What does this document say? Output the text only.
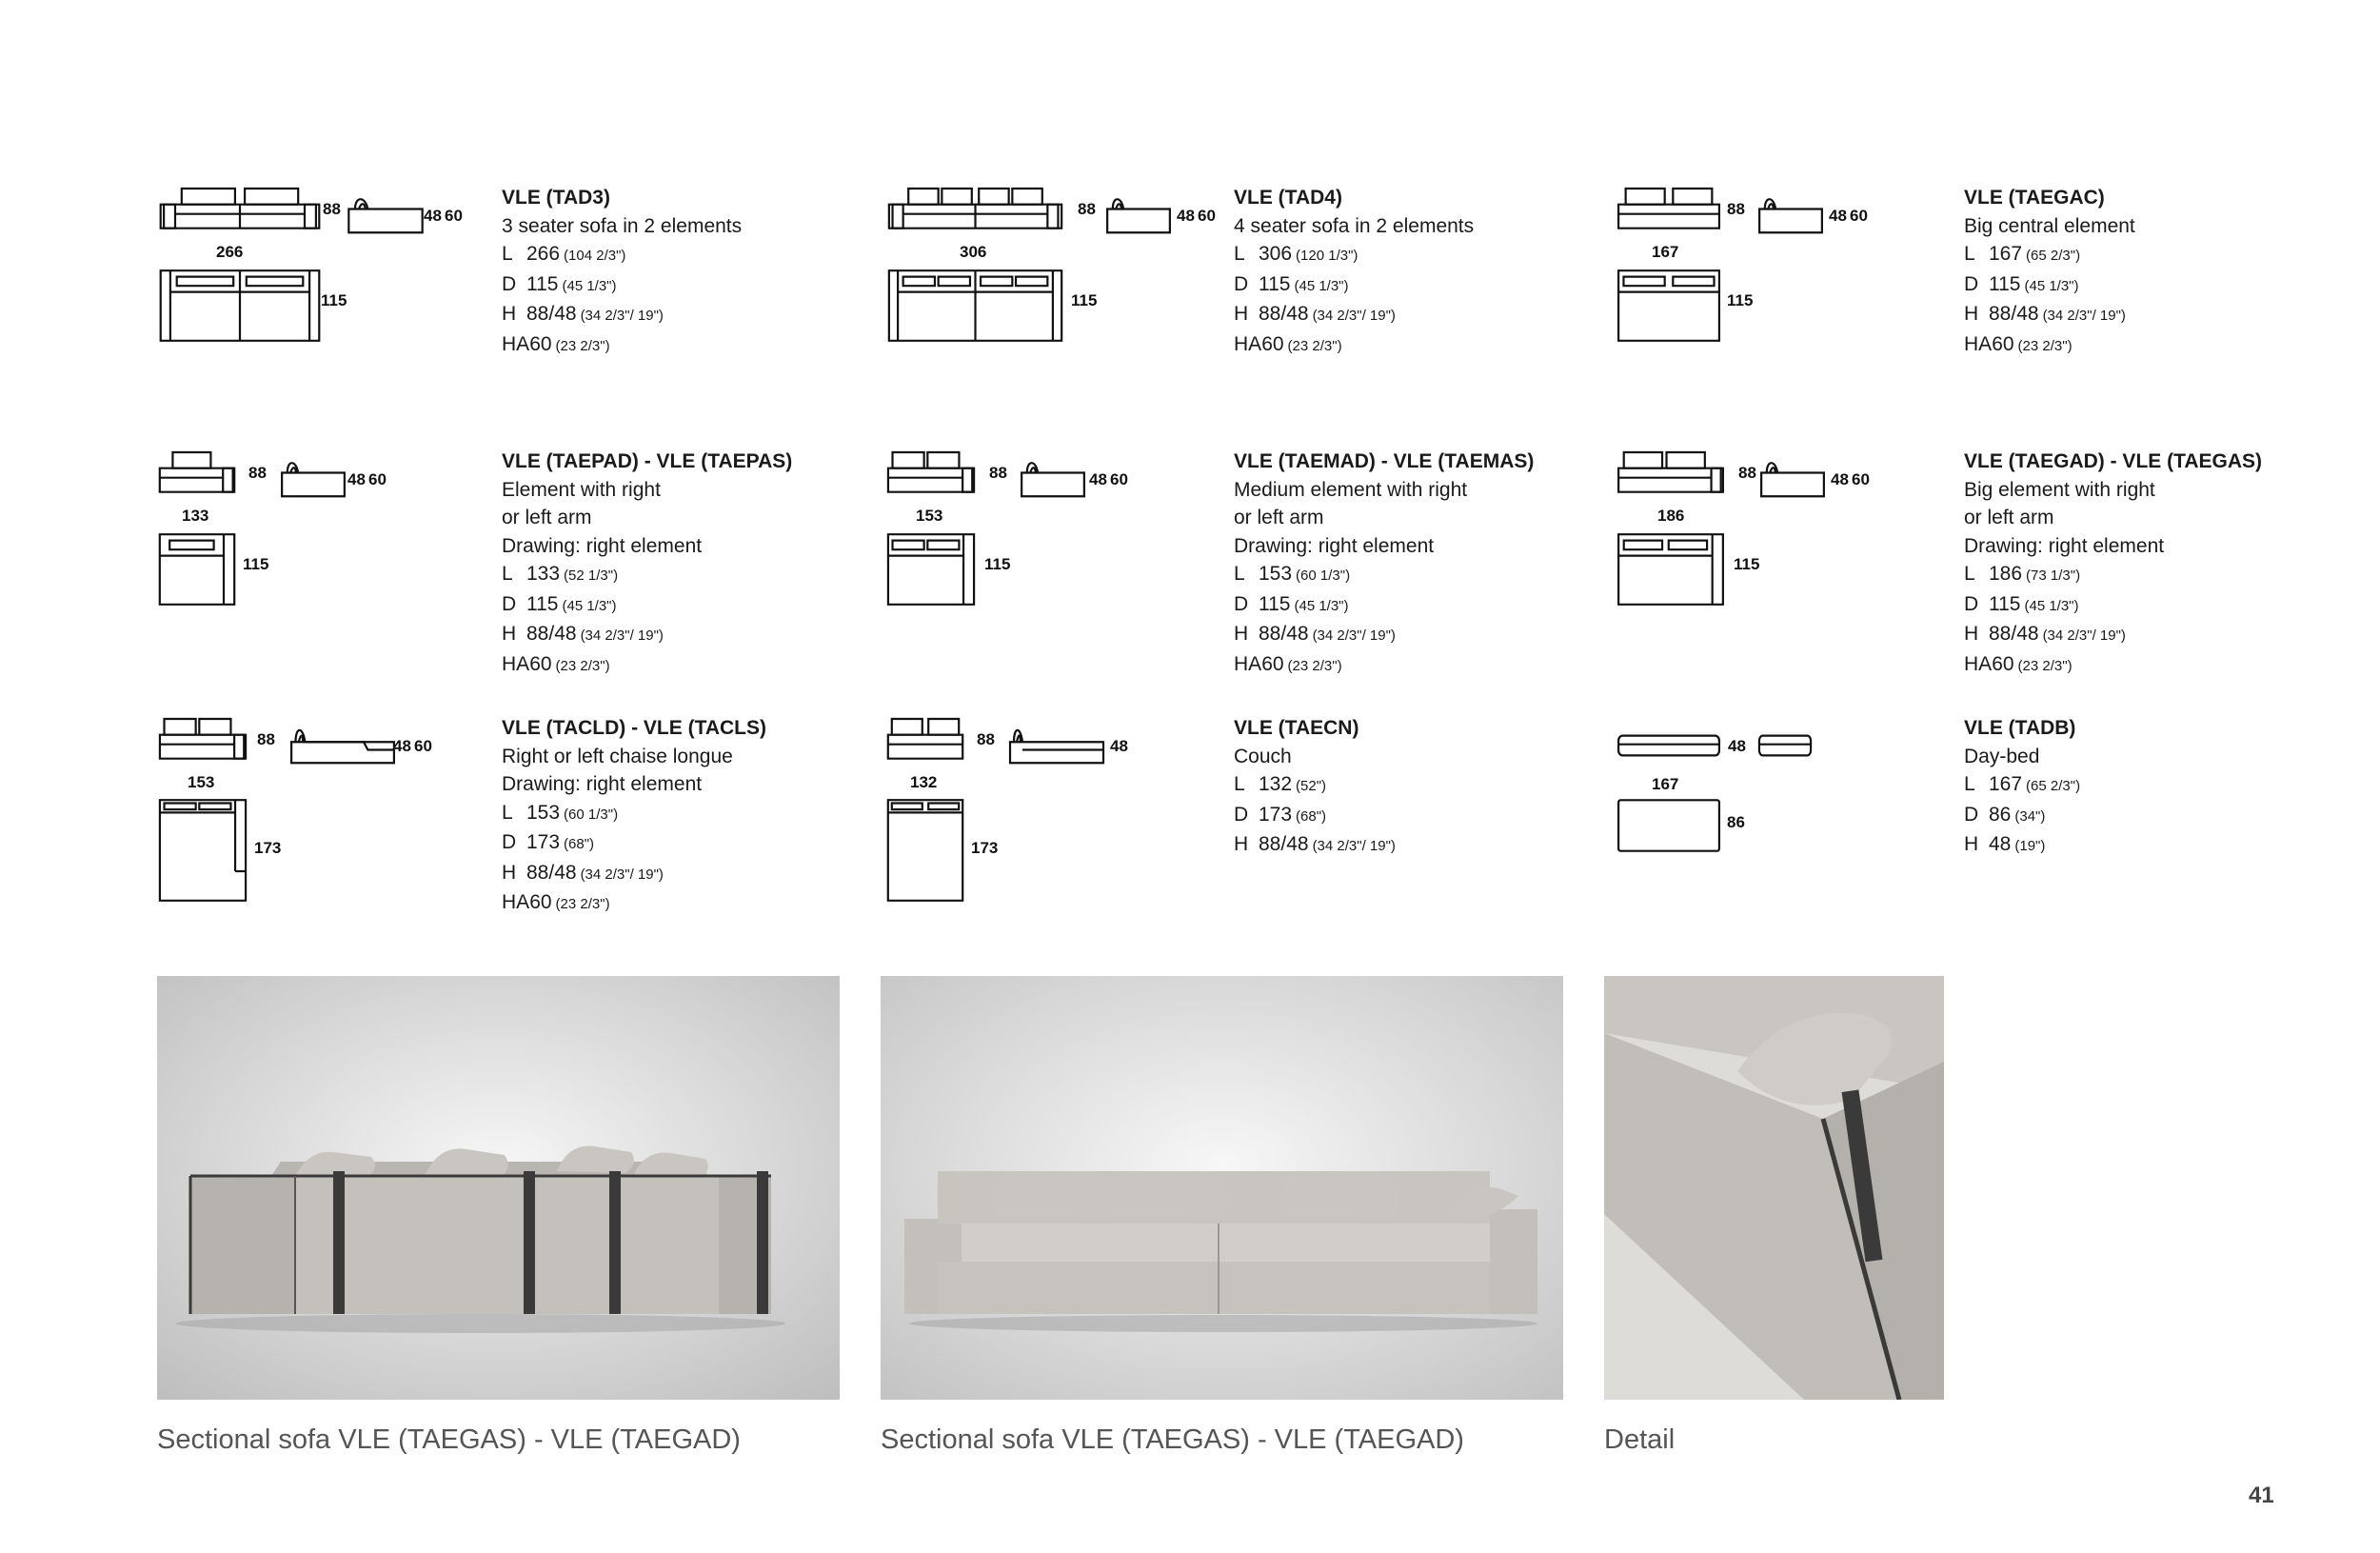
266
88	48 60
115
VLE (TAD3)
3 seater sofa in 2 elements
L 266 (104 2/3")
D 115 (45 1/3")
H 88/48 (34 2/3"/ 19")
HA60 (23 2/3")
306
88	48 60
115
VLE (TAD4)
4 seater sofa in 2 elements
L 306 (120 1/3")
D 115 (45 1/3")
H 88/48 (34 2/3"/ 19")
HA60 (23 2/3")
167
88	48 60
115
VLE (TAEGAC)
Big central element
L 167 (65 2/3")
D 115 (45 1/3")
H 88/48 (34 2/3"/ 19")
HA60 (23 2/3")
133
88	48 60
115
VLE (TAEPAD) - VLE (TAEPAS)
Element with right
or left arm
Drawing: right element
L 133 (52 1/3")
D 115 (45 1/3")
H 88/48 (34 2/3"/ 19")
HA60 (23 2/3")
153
88	48 60
115
VLE (TAEMAD) - VLE (TAEMAS)
Medium element with right
or left arm
Drawing: right element
L 153 (60 1/3")
D 115 (45 1/3")
H 88/48 (34 2/3"/ 19")
HA60 (23 2/3")
186
88	48 60
115
VLE (TAEGAD) - VLE (TAEGAS)
Big element with right
or left arm
Drawing: right element
L 186 (73 1/3")
D 115 (45 1/3")
H 88/48 (34 2/3"/ 19")
HA60 (23 2/3")
153
88	48 60
173
VLE (TACLD) - VLE (TACLS)
Right or left chaise longue
Drawing: right element
L 153 (60 1/3")
D 173 (68")
H 88/48 (34 2/3"/ 19")
HA60 (23 2/3")
132
88	48
173
VLE (TAECN)
Couch
L 132 (52")
D 173 (68")
H 88/48 (34 2/3"/ 19")
167
48
86
VLE (TADB)
Day-bed
L 167 (65 2/3")
D 86 (34")
H 48 (19")
Sectional sofa VLE (TAEGAS) - VLE (TAEGAD)	Sectional sofa VLE (TAEGAS) - VLE (TAEGAD)	Detail
41
